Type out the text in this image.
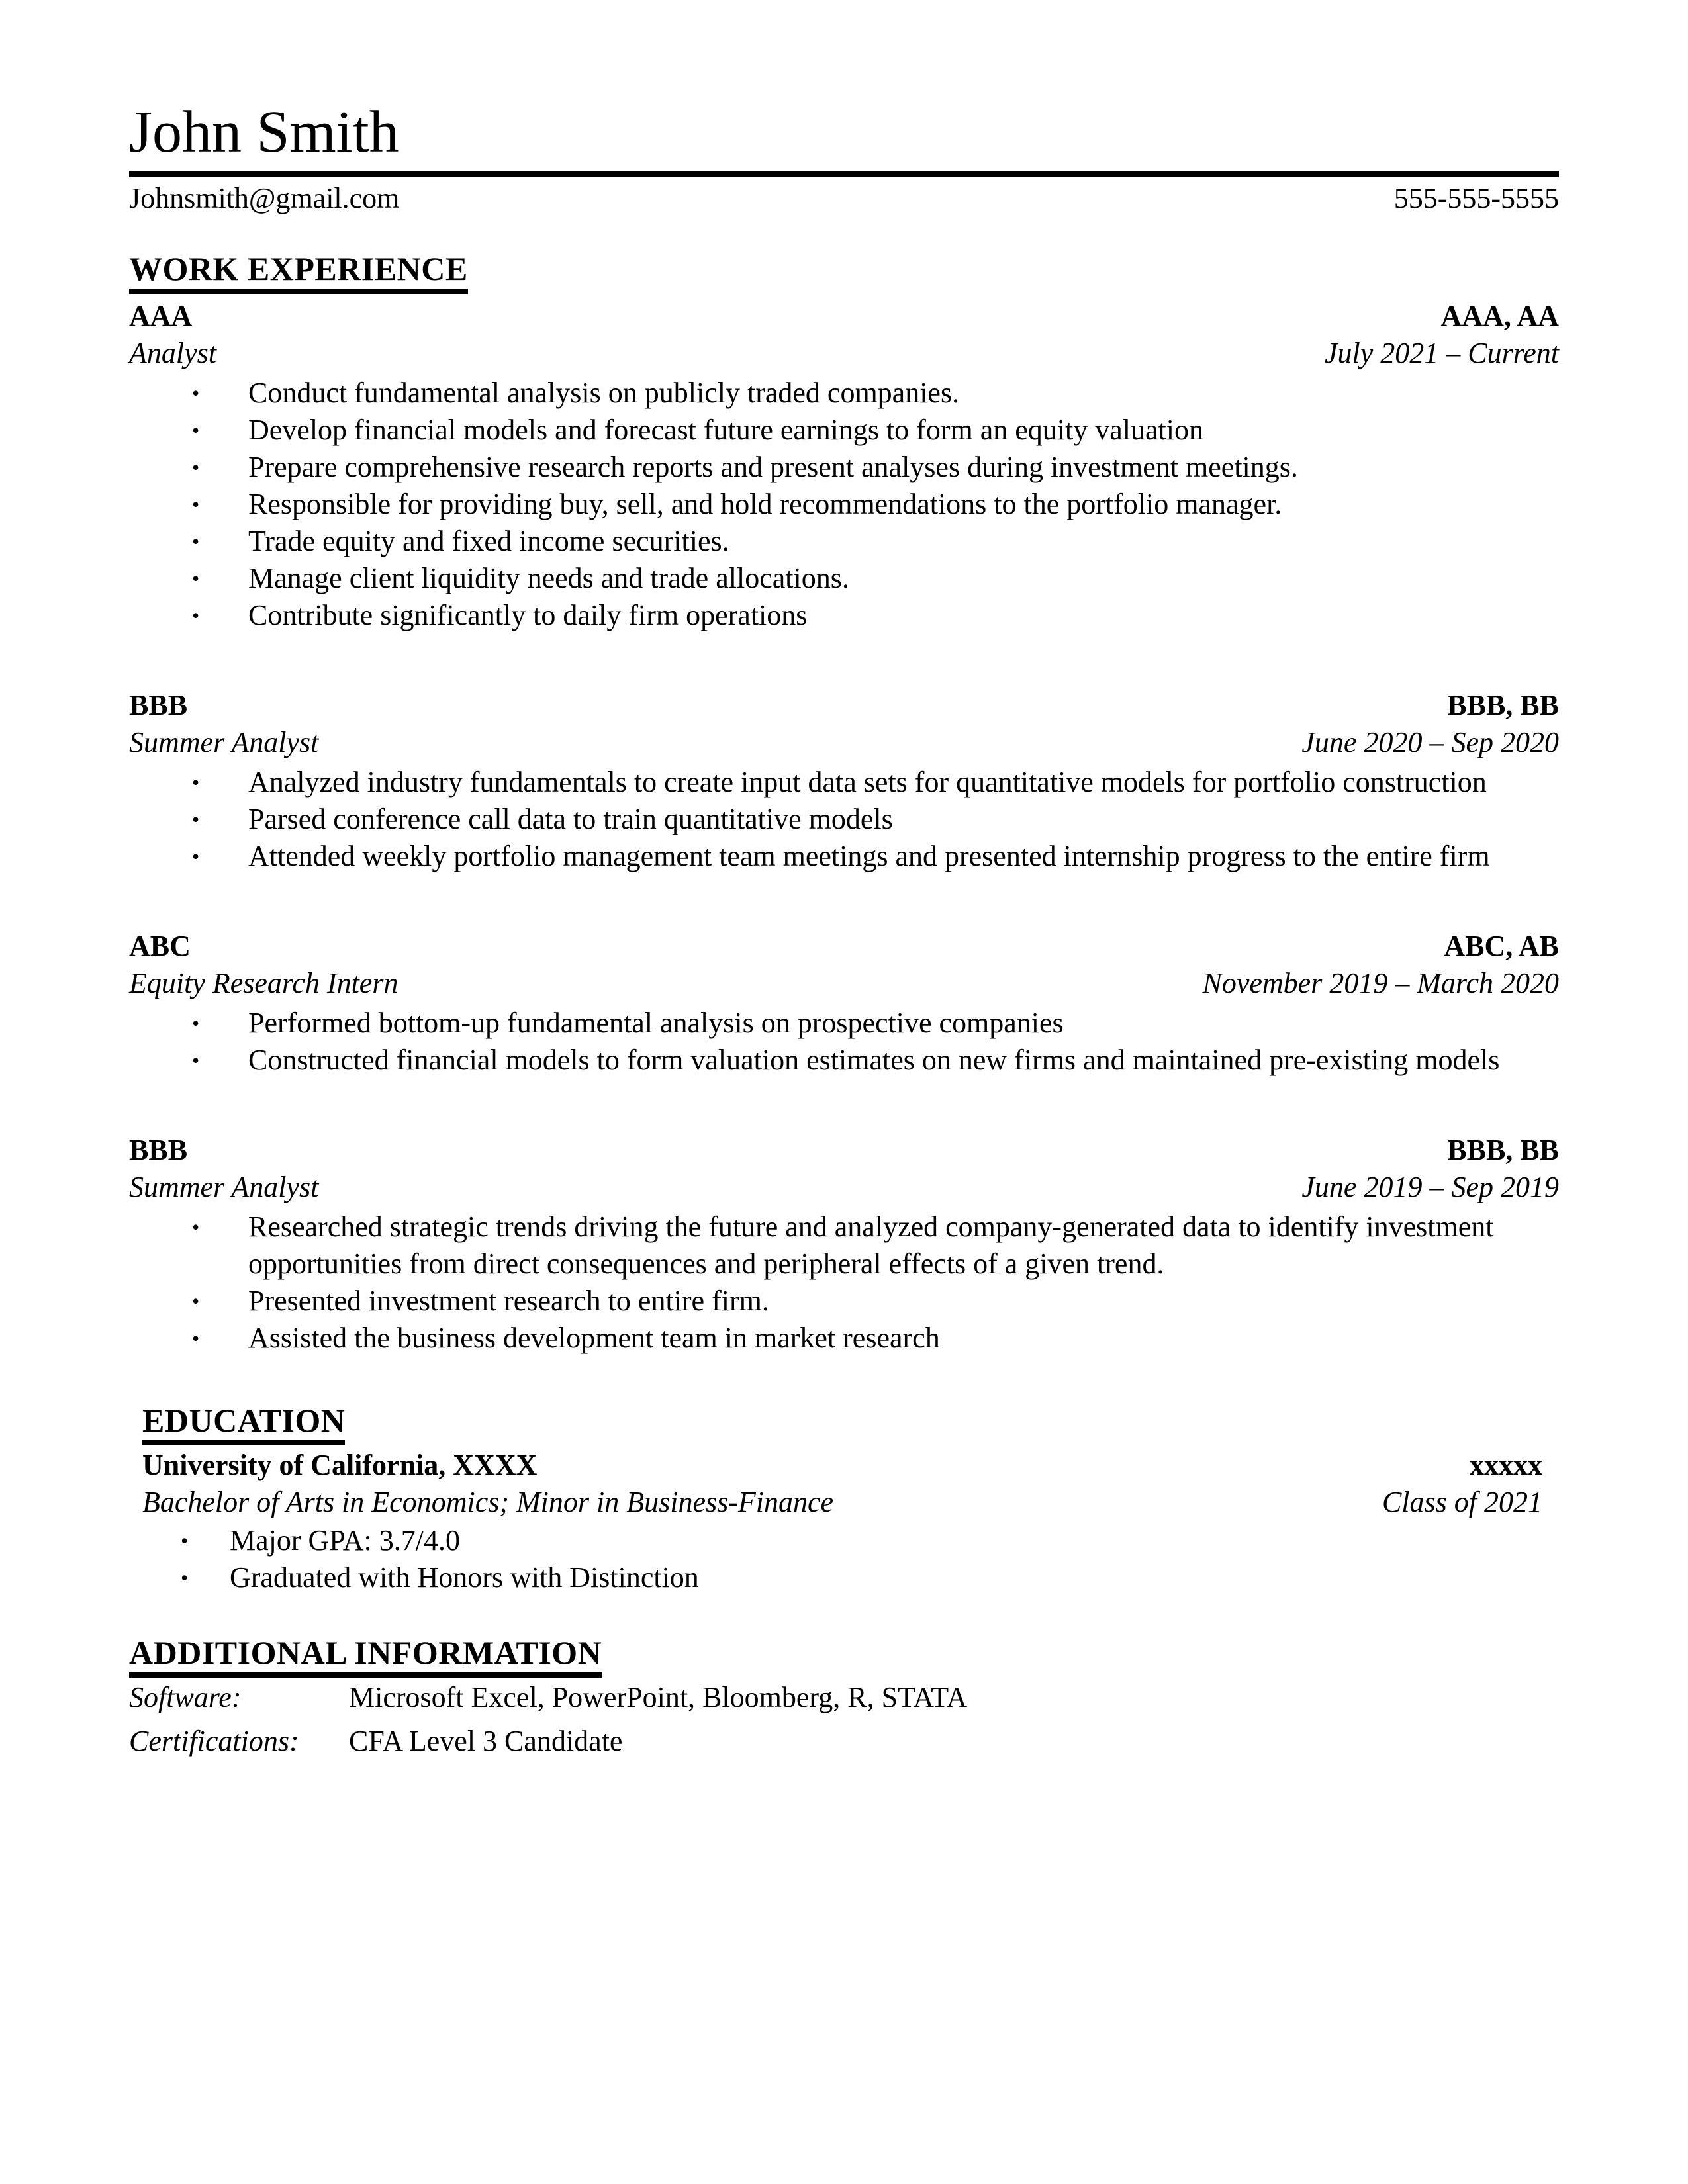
John Smith
Johnsmith@gmail.com	555-555-5555
WORK EXPERIENCE
AAA	AAA, AA
Analyst	July 2021 – Current
• Conduct fundamental analysis on publicly traded companies.
• Develop financial models and forecast future earnings to form an equity valuation
• Prepare comprehensive research reports and present analyses during investment meetings.
• Responsible for providing buy, sell, and hold recommendations to the portfolio manager.
• Trade equity and fixed income securities.
• Manage client liquidity needs and trade allocations.
• Contribute significantly to daily firm operations
BBB	BBB, BB
Summer Analyst	June 2020 – Sep 2020
• Analyzed industry fundamentals to create input data sets for quantitative models for portfolio construction
• Parsed conference call data to train quantitative models
• Attended weekly portfolio management team meetings and presented internship progress to the entire firm
ABC	ABC, AB
Equity Research Intern	November 2019 – March 2020
• Performed bottom-up fundamental analysis on prospective companies
• Constructed financial models to form valuation estimates on new firms and maintained pre-existing models
BBB	BBB, BB
Summer Analyst	June 2019 – Sep 2019
• Researched strategic trends driving the future and analyzed company-generated data to identify investment opportunities from direct consequences and peripheral effects of a given trend.
• Presented investment research to entire firm.
• Assisted the business development team in market research
EDUCATION
University of California, XXXX	xxxxx
Bachelor of Arts in Economics; Minor in Business-Finance	Class of 2021
• Major GPA: 3.7/4.0
• Graduated with Honors with Distinction
ADDITIONAL INFORMATION
Software:	Microsoft Excel, PowerPoint, Bloomberg, R, STATA
Certifications:	CFA Level 3 Candidate
